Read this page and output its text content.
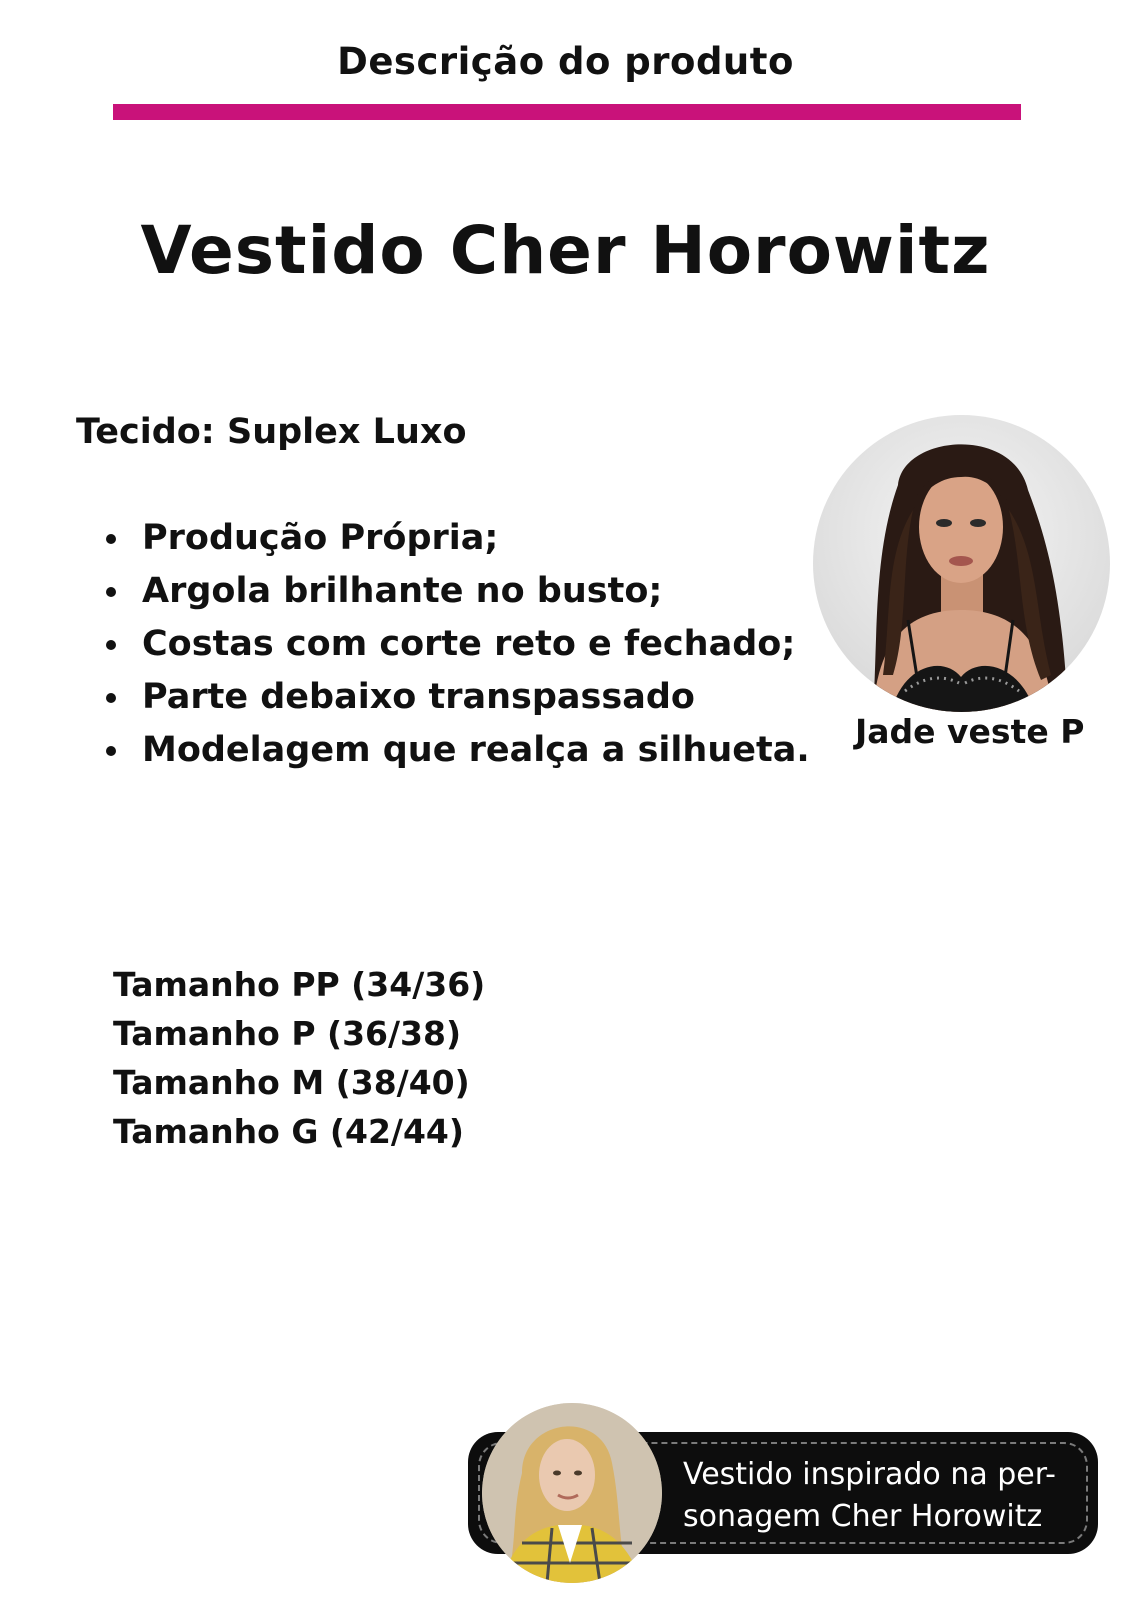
Descrição do produto
Vestido Cher Horowitz
Tecido: Suplex Luxo
Produção Própria;
Argola brilhante no busto;
Costas com corte reto e fechado;
Parte debaixo transpassado
Modelagem que realça a silhueta. Jade veste P
Tamanho PP (34/36)
Tamanho P (36/38)
Tamanho M (38/40)
Tamanho G (42/44)
Vestido inspirado na per-
sonagem Cher Horowitz
